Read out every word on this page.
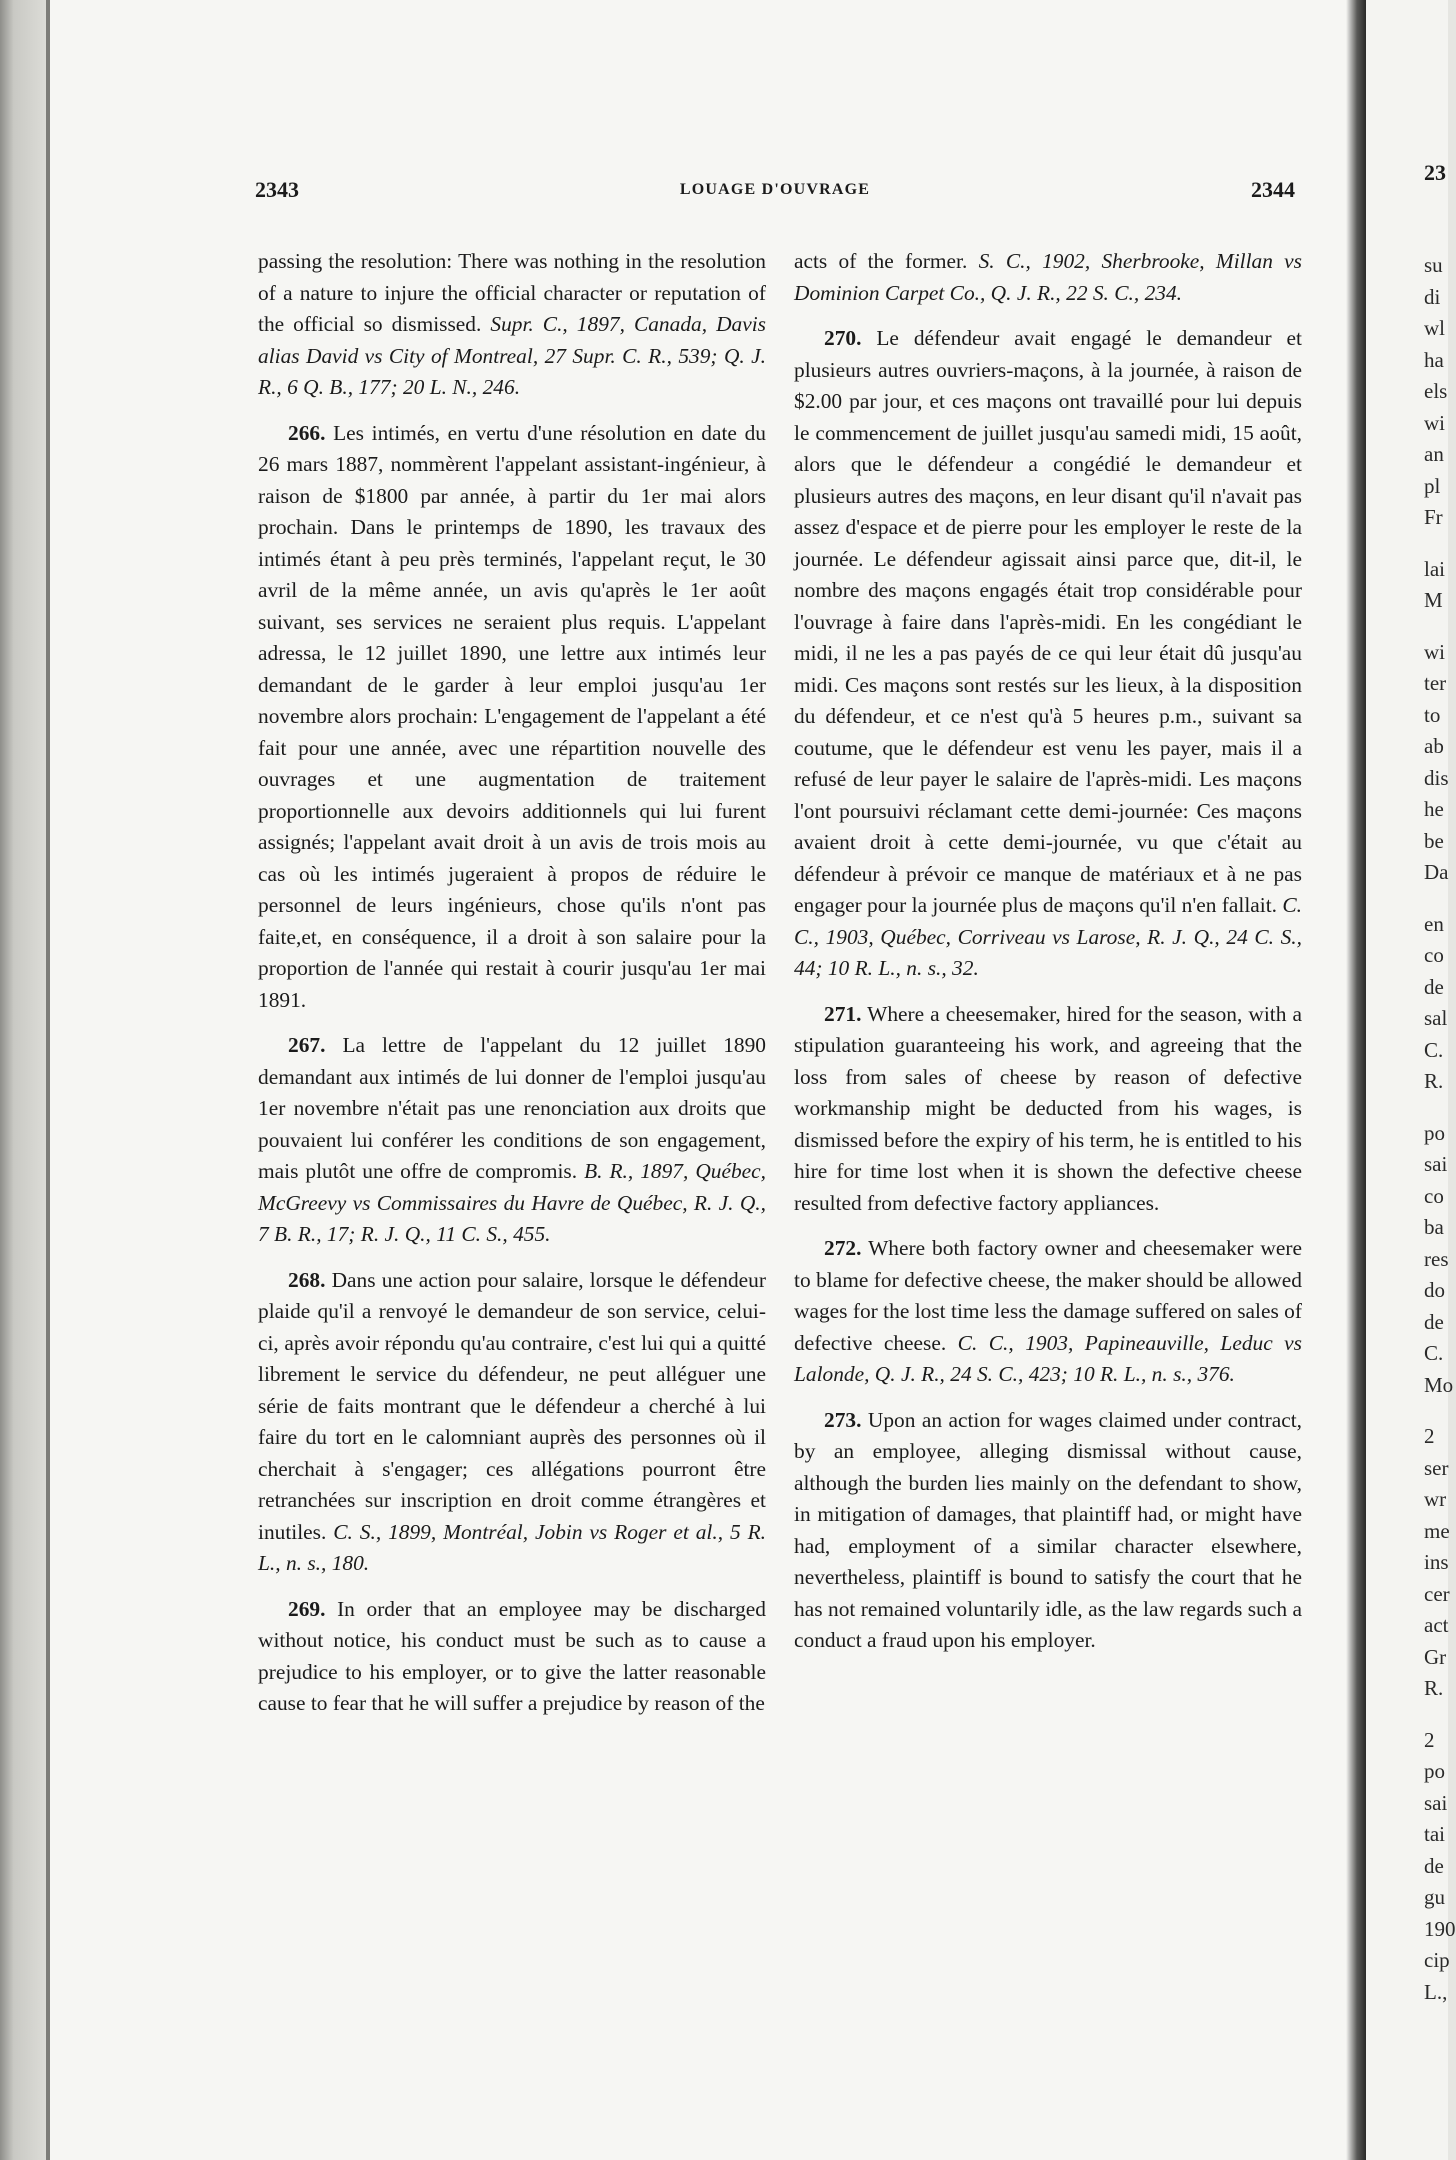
2343	LOUAGE D'OUVRAGE	2344

passing the resolution: There was nothing in the resolution of a nature to injure the official character or reputation of the official so dismissed. Supr. C., 1897, Canada, Davis alias David vs City of Montreal, 27 Supr. C. R., 539; Q. J. R., 6 Q. B., 177; 20 L. N., 246.

266. Les intimés, en vertu d'une résolution en date du 26 mars 1887, nommèrent l'appelant assistant-ingénieur, à raison de $1800 par année, à partir du 1er mai alors prochain. Dans le printemps de 1890, les travaux des intimés étant à peu près terminés, l'appelant reçut, le 30 avril de la même année, un avis qu'après le 1er août suivant, ses services ne seraient plus requis. L'appelant adressa, le 12 juillet 1890, une lettre aux intimés leur demandant de le garder à leur emploi jusqu'au 1er novembre alors prochain: L'engagement de l'appelant a été fait pour une année, avec une répartition nouvelle des ouvrages et une augmentation de traitement proportionnelle aux devoirs additionnels qui lui furent assignés; l'appelant avait droit à un avis de trois mois au cas où les intimés jugeraient à propos de réduire le personnel de leurs ingénieurs, chose qu'ils n'ont pas faite,et, en conséquence, il a droit à son salaire pour la proportion de l'année qui restait à courir jusqu'au 1er mai 1891.

267. La lettre de l'appelant du 12 juillet 1890 demandant aux intimés de lui donner de l'emploi jusqu'au 1er novembre n'était pas une renonciation aux droits que pouvaient lui conférer les conditions de son engagement, mais plutôt une offre de compromis. B. R., 1897, Québec, McGreevy vs Commissaires du Havre de Québec, R. J. Q., 7 B. R., 17; R. J. Q., 11 C. S., 455.

268. Dans une action pour salaire, lorsque le défendeur plaide qu'il a renvoyé le demandeur de son service, celui-ci, après avoir répondu qu'au contraire, c'est lui qui a quitté librement le service du défendeur, ne peut alléguer une série de faits montrant que le défendeur a cherché à lui faire du tort en le calomniant auprès des personnes où il cherchait à s'engager; ces allégations pourront être retranchées sur inscription en droit comme étrangères et inutiles. C. S., 1899, Montréal, Jobin vs Roger et al., 5 R. L., n. s., 180.

269. In order that an employee may be discharged without notice, his conduct must be such as to cause a prejudice to his employer, or to give the latter reasonable cause to fear that he will suffer a prejudice by reason of the

acts of the former. S. C., 1902, Sherbrooke, Millan vs Dominion Carpet Co., Q. J. R., 22 S. C., 234.

270. Le défendeur avait engagé le demandeur et plusieurs autres ouvriers-maçons, à la journée, à raison de $2.00 par jour, et ces maçons ont travaillé pour lui depuis le commencement de juillet jusqu'au samedi midi, 15 août, alors que le défendeur a congédié le demandeur et plusieurs autres des maçons, en leur disant qu'il n'avait pas assez d'espace et de pierre pour les employer le reste de la journée. Le défendeur agissait ainsi parce que, dit-il, le nombre des maçons engagés était trop considérable pour l'ouvrage à faire dans l'après-midi. En les congédiant le midi, il ne les a pas payés de ce qui leur était dû jusqu'au midi. Ces maçons sont restés sur les lieux, à la disposition du défendeur, et ce n'est qu'à 5 heures p.m., suivant sa coutume, que le défendeur est venu les payer, mais il a refusé de leur payer le salaire de l'après-midi. Les maçons l'ont poursuivi réclamant cette demi-journée: Ces maçons avaient droit à cette demi-journée, vu que c'était au défendeur à prévoir ce manque de matériaux et à ne pas engager pour la journée plus de maçons qu'il n'en fallait. C. C., 1903, Québec, Corriveau vs Larose, R. J. Q., 24 C. S., 44; 10 R. L., n. s., 32.

271. Where a cheesemaker, hired for the season, with a stipulation guaranteeing his work, and agreeing that the loss from sales of cheese by reason of defective workmanship might be deducted from his wages, is dismissed before the expiry of his term, he is entitled to his hire for time lost when it is shown the defective cheese resulted from defective factory appliances.

272. Where both factory owner and cheesemaker were to blame for defective cheese, the maker should be allowed wages for the lost time less the damage suffered on sales of defective cheese. C. C., 1903, Papineauville, Leduc vs Lalonde, Q. J. R., 24 S. C., 423; 10 R. L., n. s., 376.

273. Upon an action for wages claimed under contract, by an employee, alleging dismissal without cause, although the burden lies mainly on the defendant to show, in mitigation of damages, that plaintiff had, or might have had, employment of a similar character elsewhere, nevertheless, plaintiff is bound to satisfy the court that he has not remained voluntarily idle, as the law regards such a conduct a fraud upon his employer.

23
su
di
wl
ha
els
wi
an
pl
Fr
lai
M
wi
ter
to
ab
dis
he
be
Da
en
co
de
sal
C.
R.
po
sai
co
ba
res
do
de
C.
Mo
2
ser
wr
me
ins
cer
act
Gr
R.
2
po
sai
tai
de
gu
190
cip
L.,
